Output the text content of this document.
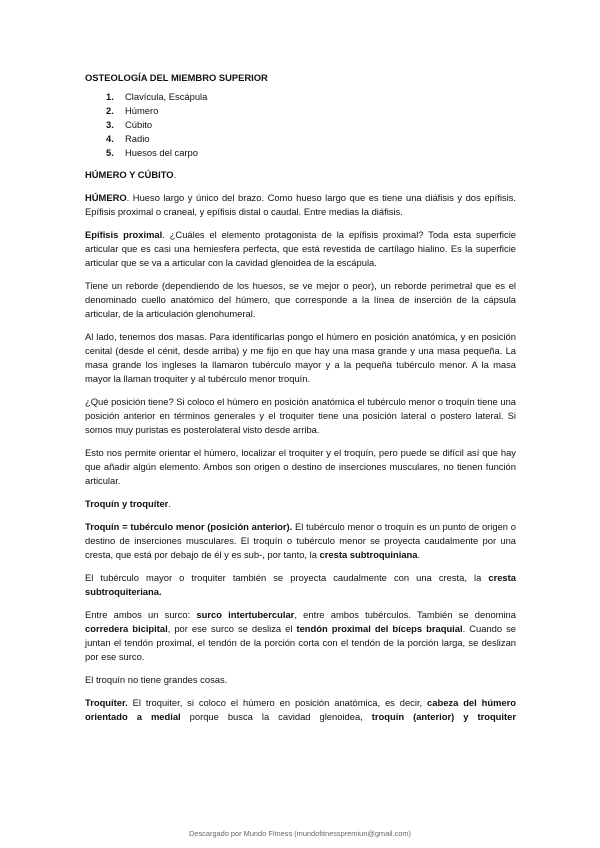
OSTEOLOGÍA DEL MIEMBRO SUPERIOR
1.	Clavícula, Escápula
2.	Húmero
3.	Cúbito
4.	Radio
5.	Huesos del carpo

HÚMERO Y CÚBITO.

HÚMERO. Hueso largo y único del brazo. Como hueso largo que es tiene una diáfisis y dos epífisis. Epífisis proximal o craneal, y epífisis distal o caudal. Entre medias la diáfisis.

Epífisis proximal. ¿Cuáles el elemento protagonista de la epífisis proximal? Toda esta superficie articular que es casi una hemiesfera perfecta, que está revestida de cartílago hialino. Es la superficie articular que se va a articular con la cavidad glenoidea de la escápula.

Tiene un reborde (dependiendo de los huesos, se ve mejor o peor), un reborde perimetral que es el denominado cuello anatómico del húmero, que corresponde a la línea de inserción de la cápsula articular, de la articulación glenohumeral.

Al lado, tenemos dos masas. Para identificarlas pongo el húmero en posición anatómica, y en posición cenital (desde el cénit, desde arriba) y me fijo en que hay una masa grande y una masa pequeña. La masa grande los ingleses la llamaron tubérculo mayor y a la pequeña tubérculo menor. A la masa mayor la llaman troquiter y al tubérculo menor troquín.

¿Qué posición tiene? Si coloco el húmero en posición anatómica el tubérculo menor o troquín tiene una posición anterior en términos generales y el troquiter tiene una posición lateral o postero lateral. Si somos muy puristas es posterolateral visto desde arriba.

Esto nos permite orientar el húmero, localizar el troquiter y el troquín, pero puede se difícil así que hay que añadir algún elemento. Ambos son origen o destino de inserciones musculares, no tienen función articular.

Troquín y troquíter.

Troquín = tubérculo menor (posición anterior). El tubérculo menor o troquín es un punto de origen o destino de inserciones musculares. El troquín o tubérculo menor se proyecta caudalmente por una cresta, que está por debajo de él y es sub-, por tanto, la cresta subtroquiniana.

El tubérculo mayor o troquiter también se proyecta caudalmente con una cresta, la cresta subtroquiteriana.

Entre ambos un surco: surco intertubercular, entre ambos tubérculos. También se denomina corredera bicipital, por ese surco se desliza el tendón proximal del bíceps braquial. Cuando se juntan el tendón proximal, el tendón de la porción corta con el tendón de la porción larga, se deslizan por ese surco.

El troquín no tiene grandes cosas.

Troquíter. El troquiter, si coloco el húmero en posición anatómica, es decir, cabeza del húmero orientado a medial porque busca la cavidad glenoidea, troquín (anterior) y troquiter

Descargado por Mundo Fitness (mundofitnesspremiun@gmail.com)
